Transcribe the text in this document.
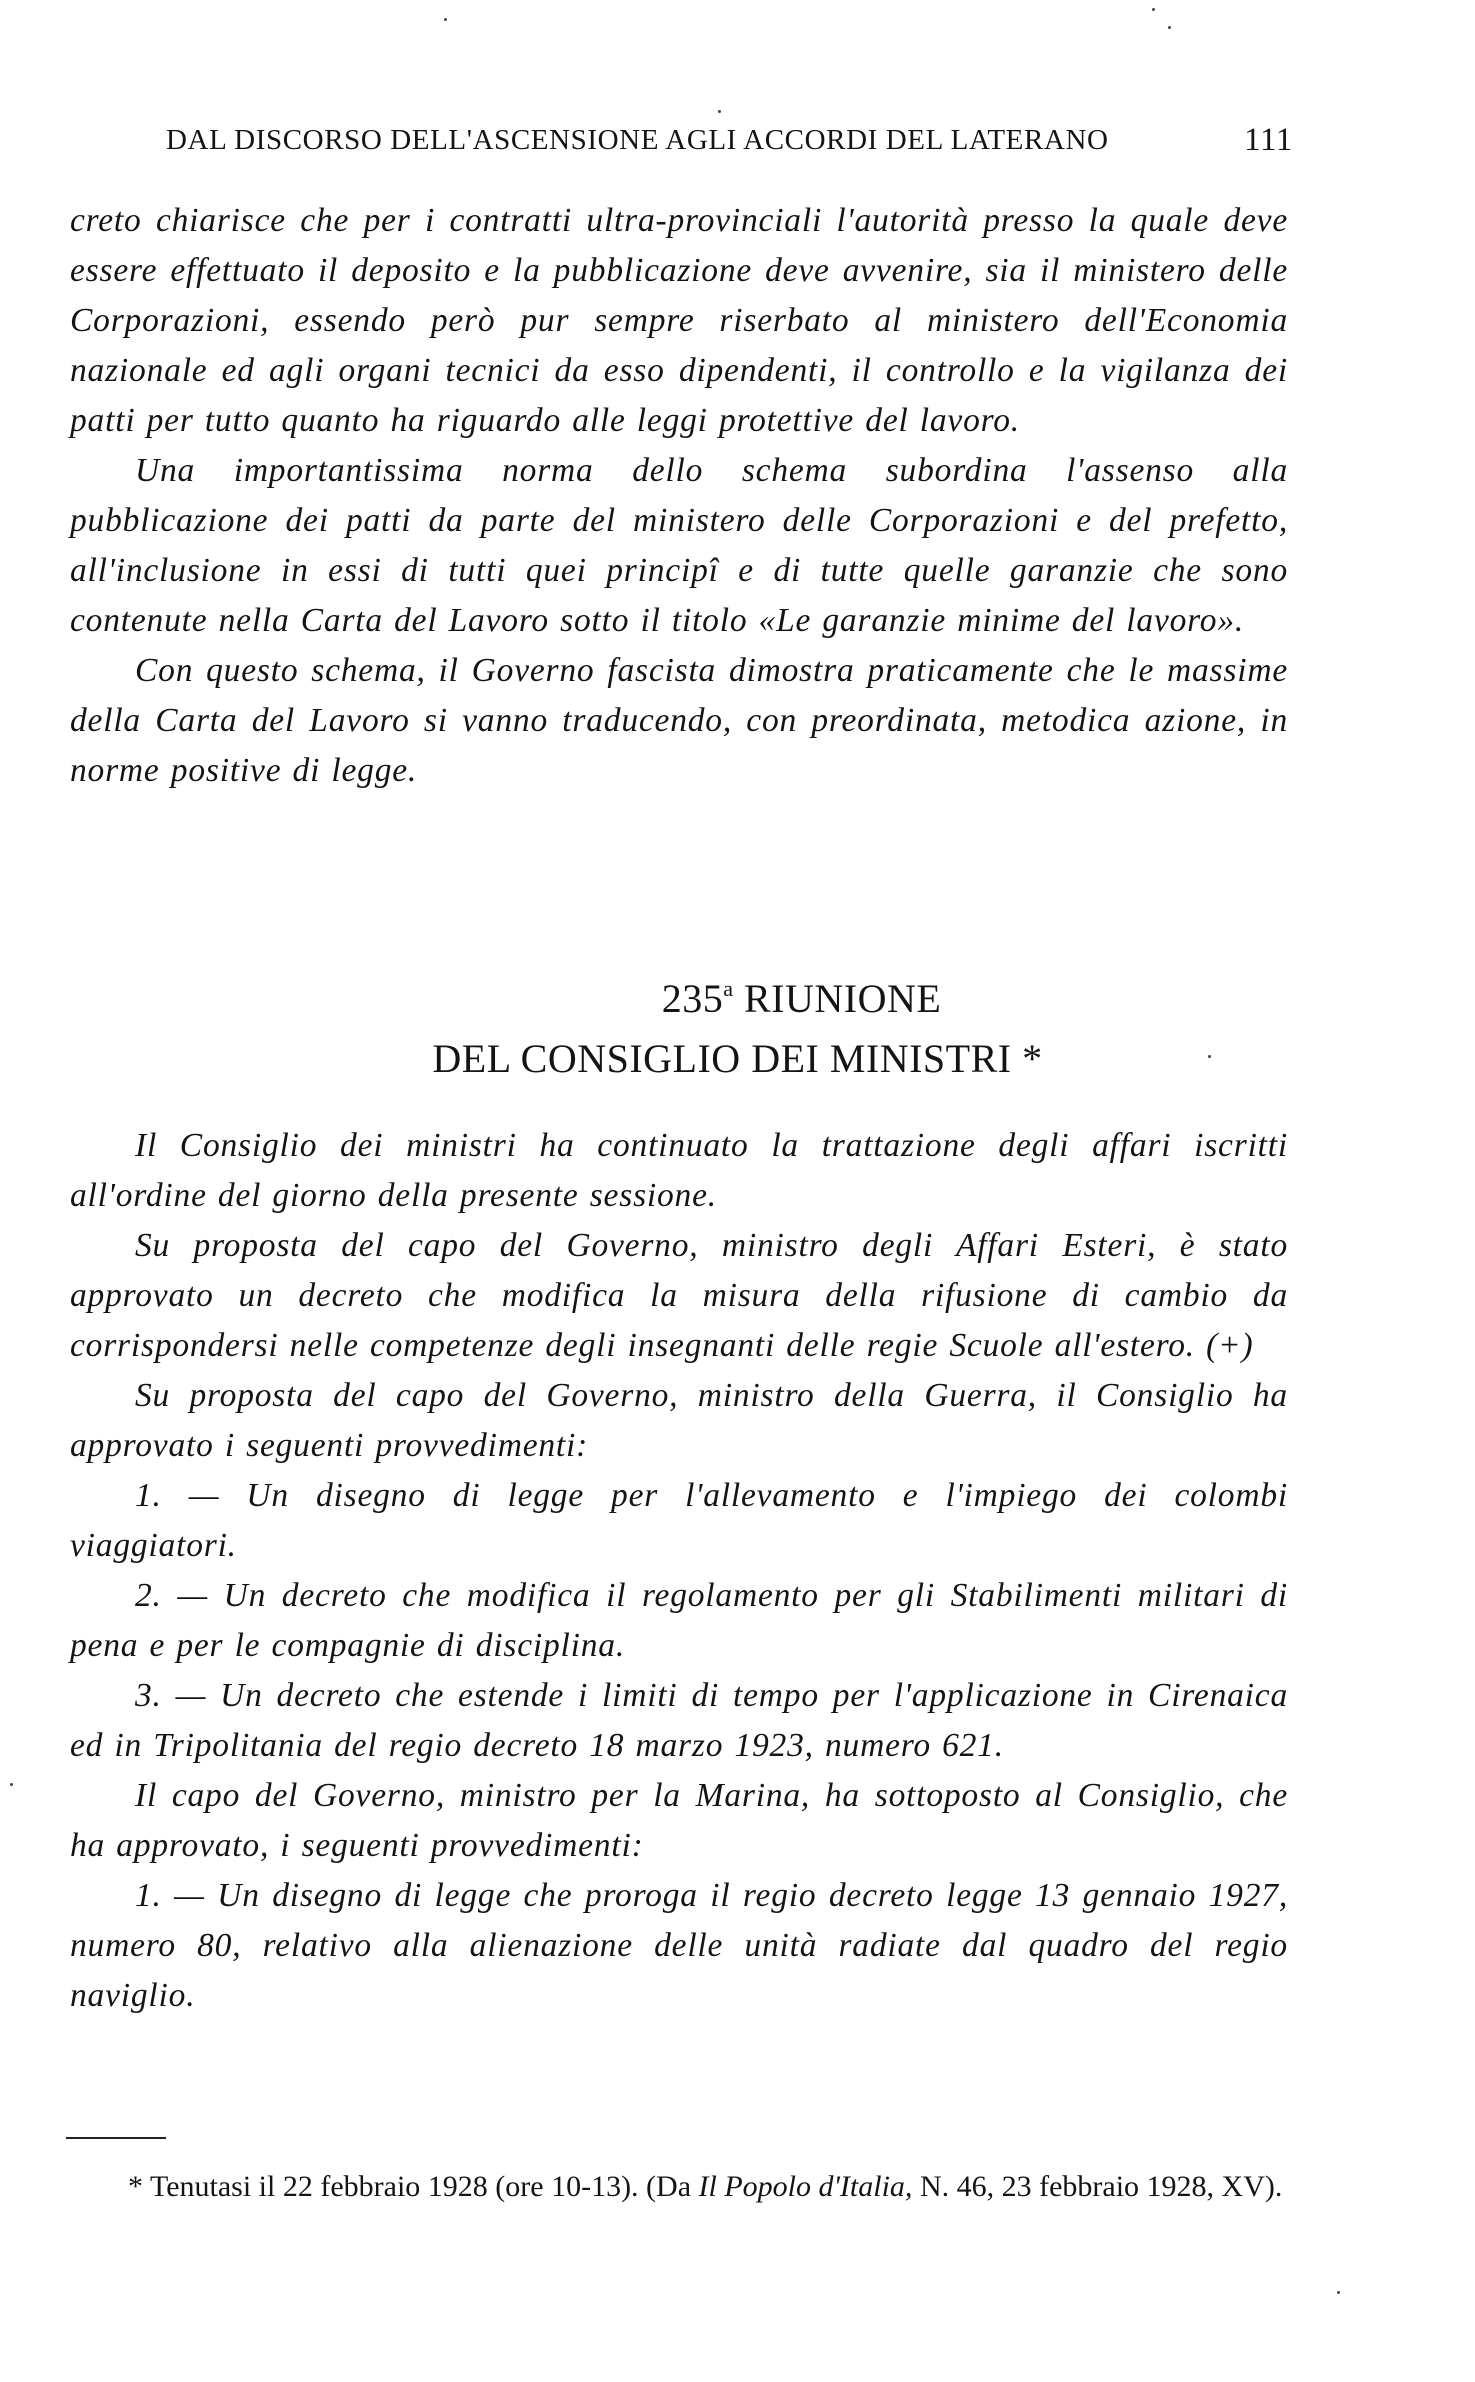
DAL DISCORSO DELL'ASCENSIONE AGLI ACCORDI DEL LATERANO	111

creto chiarisce che per i contratti ultra-provinciali l'autorità presso la quale deve essere effettuato il deposito e la pubblicazione deve avvenire, sia il ministero delle Corporazioni, essendo però pur sempre riserbato al ministero dell'Economia nazionale ed agli organi tecnici da esso dipendenti, il controllo e la vigilanza dei patti per tutto quanto ha riguardo alle leggi protettive del lavoro.

Una importantissima norma dello schema subordina l'assenso alla pubblicazione dei patti da parte del ministero delle Corporazioni e del prefetto, all'inclusione in essi di tutti quei principî e di tutte quelle garanzie che sono contenute nella Carta del Lavoro sotto il titolo «Le garanzie minime del lavoro».

Con questo schema, il Governo fascista dimostra praticamente che le massime della Carta del Lavoro si vanno traducendo, con preordinata, metodica azione, in norme positive di legge.

235$^a$ RIUNIONE
DEL CONSIGLIO DEI MINISTRI *

Il Consiglio dei ministri ha continuato la trattazione degli affari iscritti all'ordine del giorno della presente sessione.

Su proposta del capo del Governo, ministro degli Affari Esteri, è stato approvato un decreto che modifica la misura della rifusione di cambio da corrispondersi nelle competenze degli insegnanti delle regie Scuole all'estero. (+)

Su proposta del capo del Governo, ministro della Guerra, il Consiglio ha approvato i seguenti provvedimenti:

1. — Un disegno di legge per l'allevamento e l'impiego dei colombi viaggiatori.

2. — Un decreto che modifica il regolamento per gli Stabilimenti militari di pena e per le compagnie di disciplina.

3. — Un decreto che estende i limiti di tempo per l'applicazione in Cirenaica ed in Tripolitania del regio decreto 18 marzo 1923, numero 621.

Il capo del Governo, ministro per la Marina, ha sottoposto al Consiglio, che ha approvato, i seguenti provvedimenti:

1. — Un disegno di legge che proroga il regio decreto legge 13 gennaio 1927, numero 80, relativo alla alienazione delle unità radiate dal quadro del regio naviglio.

* Tenutasi il 22 febbraio 1928 (ore 10-13). (Da Il Popolo d'Italia, N. 46, 23 febbraio 1928, XV).
